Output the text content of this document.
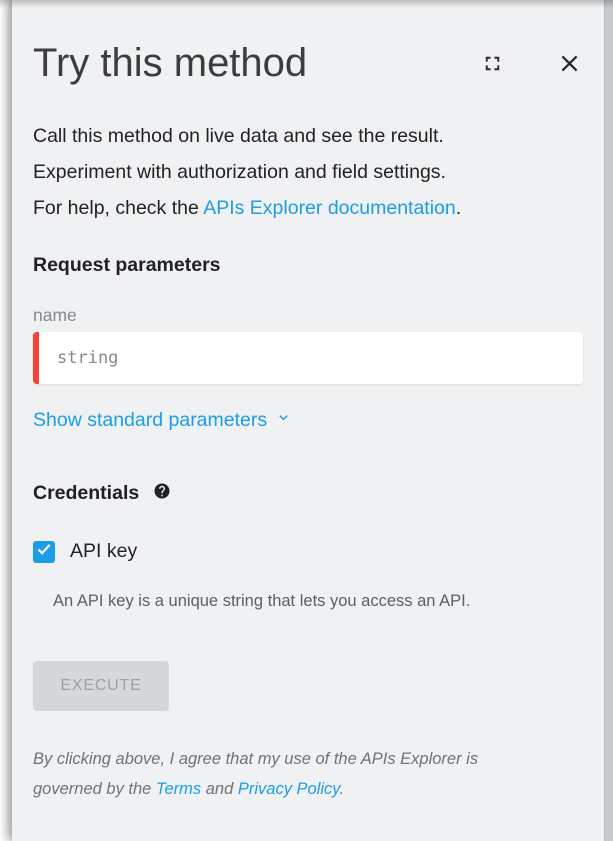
Try this method
Call this method on live data and see the result.
Experiment with authorization and field settings.
For help, check the APIs Explorer documentation.
Request parameters
name
string
Show standard parameters
Credentials
API key
An API key is a unique string that lets you access an API.
EXECUTE
By clicking above, I agree that my use of the APIs Explorer is
governed by the Terms and Privacy Policy.
